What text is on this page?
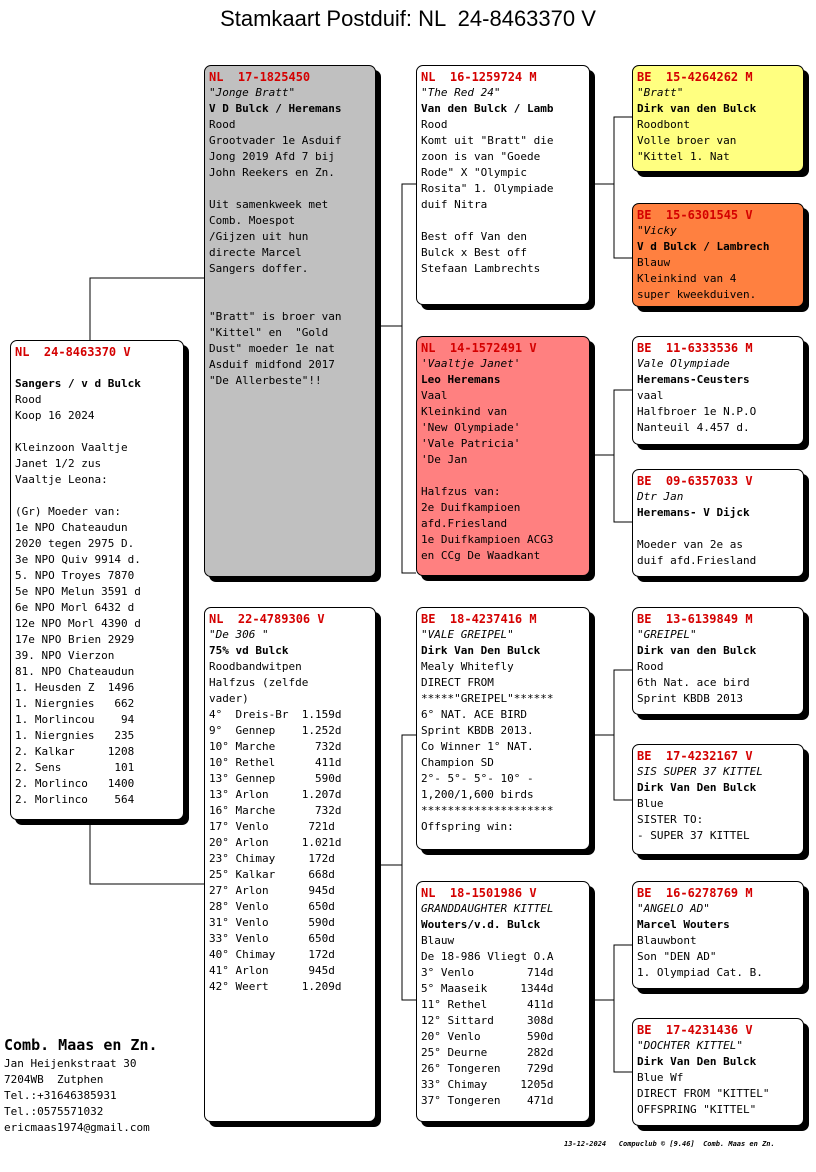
Stamkaart Postduif: NL  24-8463370 V
NL  24-8463370 V
Sangers / v d Bulck
Rood
Koop 16 2024
Kleinzoon Vaaltje
Janet 1/2 zus
Vaaltje Leona:
(Gr) Moeder van:
1e NPO Chateaudun
2020 tegen 2975 D.
3e NPO Quiv 9914 d.
5. NPO Troyes 7870
5e NPO Melun 3591 d
6e NPO Morl 6432 d
12e NPO Morl 4390 d
17e NPO Brien 2929
39. NPO Vierzon
81. NPO Chateaudun
1. Heusden Z  1496
1. Niergnies   662
1. Morlincou    94
1. Niergnies   235
2. Kalkar     1208
2. Sens        101
2. Morlinco   1400
2. Morlinco    564
NL  17-1825450
"Jonge Bratt"
V D Bulck / Heremans
Rood
Grootvader 1e Asduif
Jong 2019 Afd 7 bij
John Reekers en Zn.
Uit samenkweek met
Comb. Moespot
/Gijzen uit hun
directe Marcel
Sangers doffer.
"Bratt" is broer van
"Kittel" en  "Gold
Dust" moeder 1e nat
Asduif midfond 2017
"De Allerbeste"!!
NL  22-4789306 V
"De 306 "
75% vd Bulck
Roodbandwitpen
Halfzus (zelfde
vader)
4°  Dreis-Br  1.159d
9°  Gennep    1.252d
10° Marche      732d
10° Rethel      411d
13° Gennep      590d
13° Arlon     1.207d
16° Marche      732d
17° Venlo      721d
20° Arlon     1.021d
23° Chimay     172d
25° Kalkar     668d
27° Arlon      945d
28° Venlo      650d
31° Venlo      590d
33° Venlo      650d
40° Chimay     172d
41° Arlon      945d
42° Weert     1.209d
NL  16-1259724 M
"The Red 24"
Van den Bulck / Lamb
Rood
Komt uit "Bratt" die
zoon is van "Goede
Rode" X "Olympic
Rosita" 1. Olympiade
duif Nitra
Best off Van den
Bulck x Best off
Stefaan Lambrechts
NL  14-1572491 V
'Vaaltje Janet'
Leo Heremans
Vaal
Kleinkind van
'New Olympiade'
'Vale Patricia'
'De Jan
Halfzus van:
2e Duifkampioen
afd.Friesland
1e Duifkampioen ACG3
en CCg De Waadkant
BE  18-4237416 M
"VALE GREIPEL"
Dirk Van Den Bulck
Mealy Whitefly
DIRECT FROM
*****"GREIPEL"******
6° NAT. ACE BIRD
Sprint KBDB 2013.
Co Winner 1° NAT.
Champion SD
2°- 5°- 5°- 10° -
1,200/1,600 birds
********************
Offspring win:
NL  18-1501986 V
GRANDDAUGHTER KITTEL
Wouters/v.d. Bulck
Blauw
De 18-986 Vliegt O.A
3° Venlo        714d
5° Maaseik     1344d
11° Rethel      411d
12° Sittard     308d
20° Venlo       590d
25° Deurne      282d
26° Tongeren    729d
33° Chimay     1205d
37° Tongeren    471d
BE  15-4264262 M
"Bratt"
Dirk van den Bulck
Roodbont
Volle broer van
"Kittel 1. Nat
BE  15-6301545 V
"Vicky
V d Bulck / Lambrech
Blauw
Kleinkind van 4
super kweekduiven.
BE  11-6333536 M
Vale Olympiade
Heremans-Ceusters
vaal
Halfbroer 1e N.P.O
Nanteuil 4.457 d.
BE  09-6357033 V
Dtr Jan
Heremans- V Dijck
Moeder van 2e as
duif afd.Friesland
BE  13-6139849 M
"GREIPEL"
Dirk van den Bulck
Rood
6th Nat. ace bird
Sprint KBDB 2013
BE  17-4232167 V
SIS SUPER 37 KITTEL
Dirk Van Den Bulck
Blue
SISTER TO:
- SUPER 37 KITTEL
BE  16-6278769 M
"ANGELO AD"
Marcel Wouters
Blauwbont
Son "DEN AD"
1. Olympiad Cat. B.
BE  17-4231436 V
"DOCHTER KITTEL"
Dirk Van Den Bulck
Blue Wf
DIRECT FROM "KITTEL"
OFFSPRING "KITTEL"
Comb. Maas en Zn.
Jan Heijenkstraat 30
7204WB  Zutphen
Tel.:+31646385931
Tel.:0575571032
ericmaas1974@gmail.com
13-12-2024   Compuclub © [9.46]  Comb. Maas en Zn.
